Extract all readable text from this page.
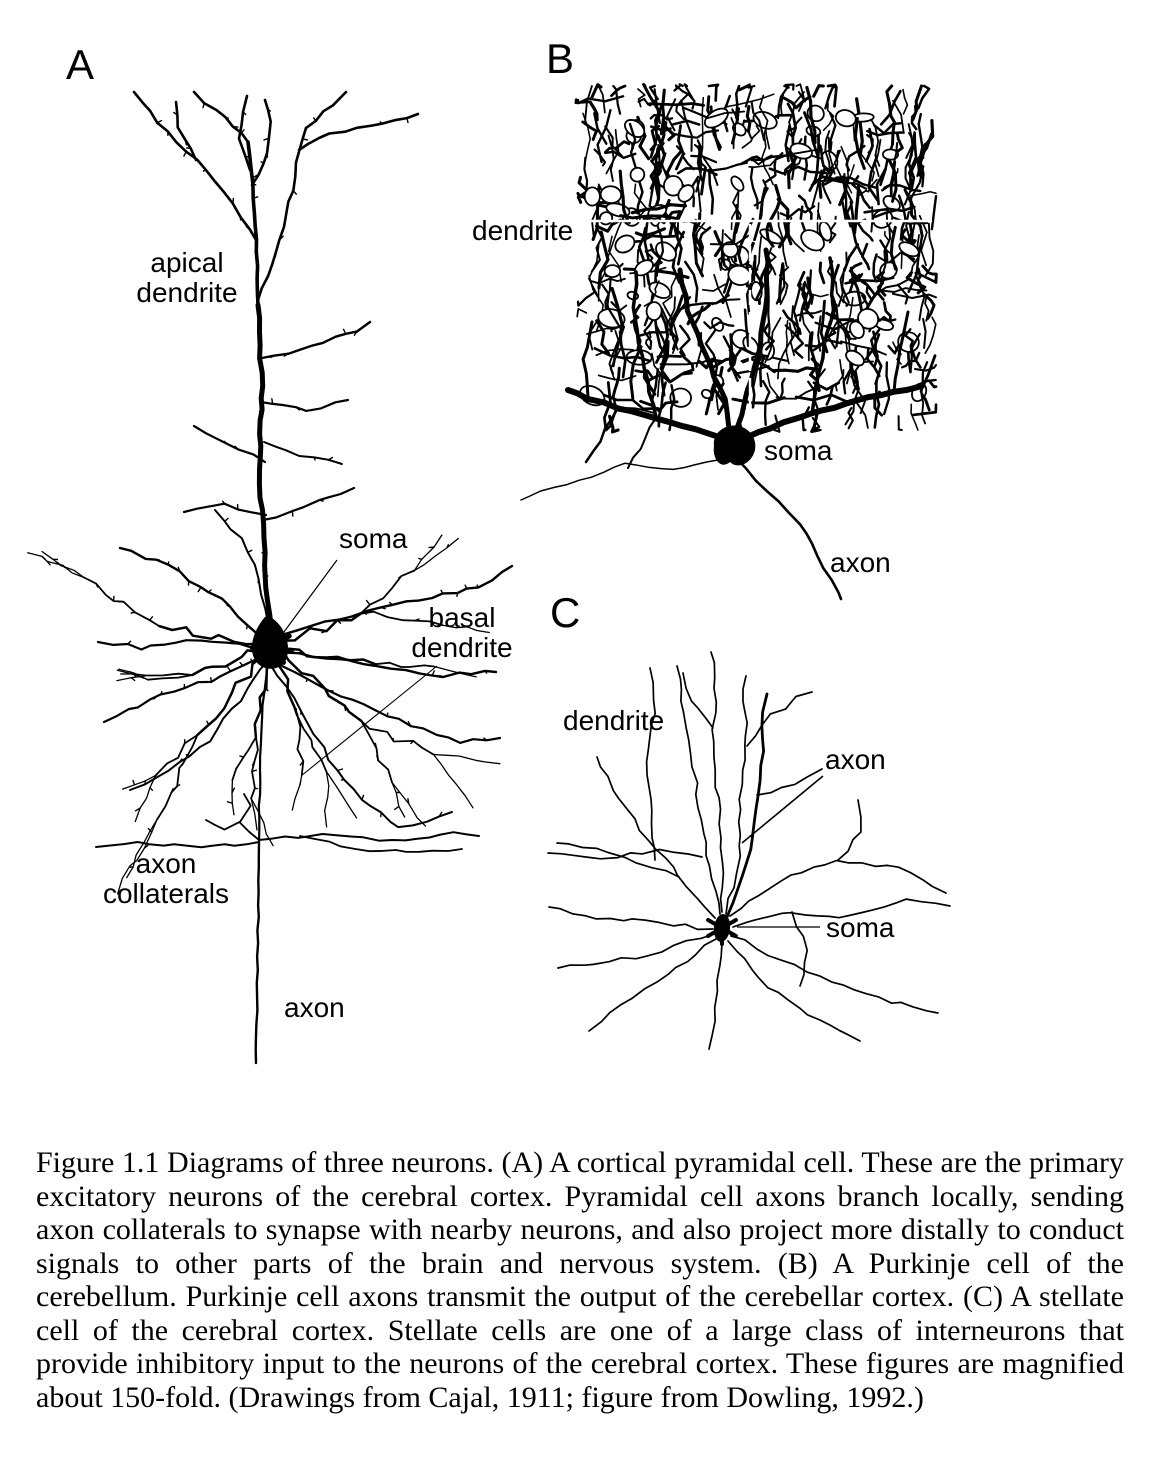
A	B
C
apical
dendrite
soma
basal
dendrite
axon
collaterals
axon
dendrite
soma
axon
dendrite
axon
soma

Figure 1.1 Diagrams of three neurons. (A) A cortical pyramidal cell. These are the primary excitatory neurons of the cerebral cortex. Pyramidal cell axons branch locally, sending axon collaterals to synapse with nearby neurons, and also project more distally to conduct signals to other parts of the brain and nervous system. (B) A Purkinje cell of the cerebellum. Purkinje cell axons transmit the output of the cerebellar cortex. (C) A stellate cell of the cerebral cortex. Stellate cells are one of a large class of interneurons that provide inhibitory input to the neurons of the cerebral cortex. These figures are magnified about 150-fold. (Drawings from Cajal, 1911; figure from Dowling, 1992.)
